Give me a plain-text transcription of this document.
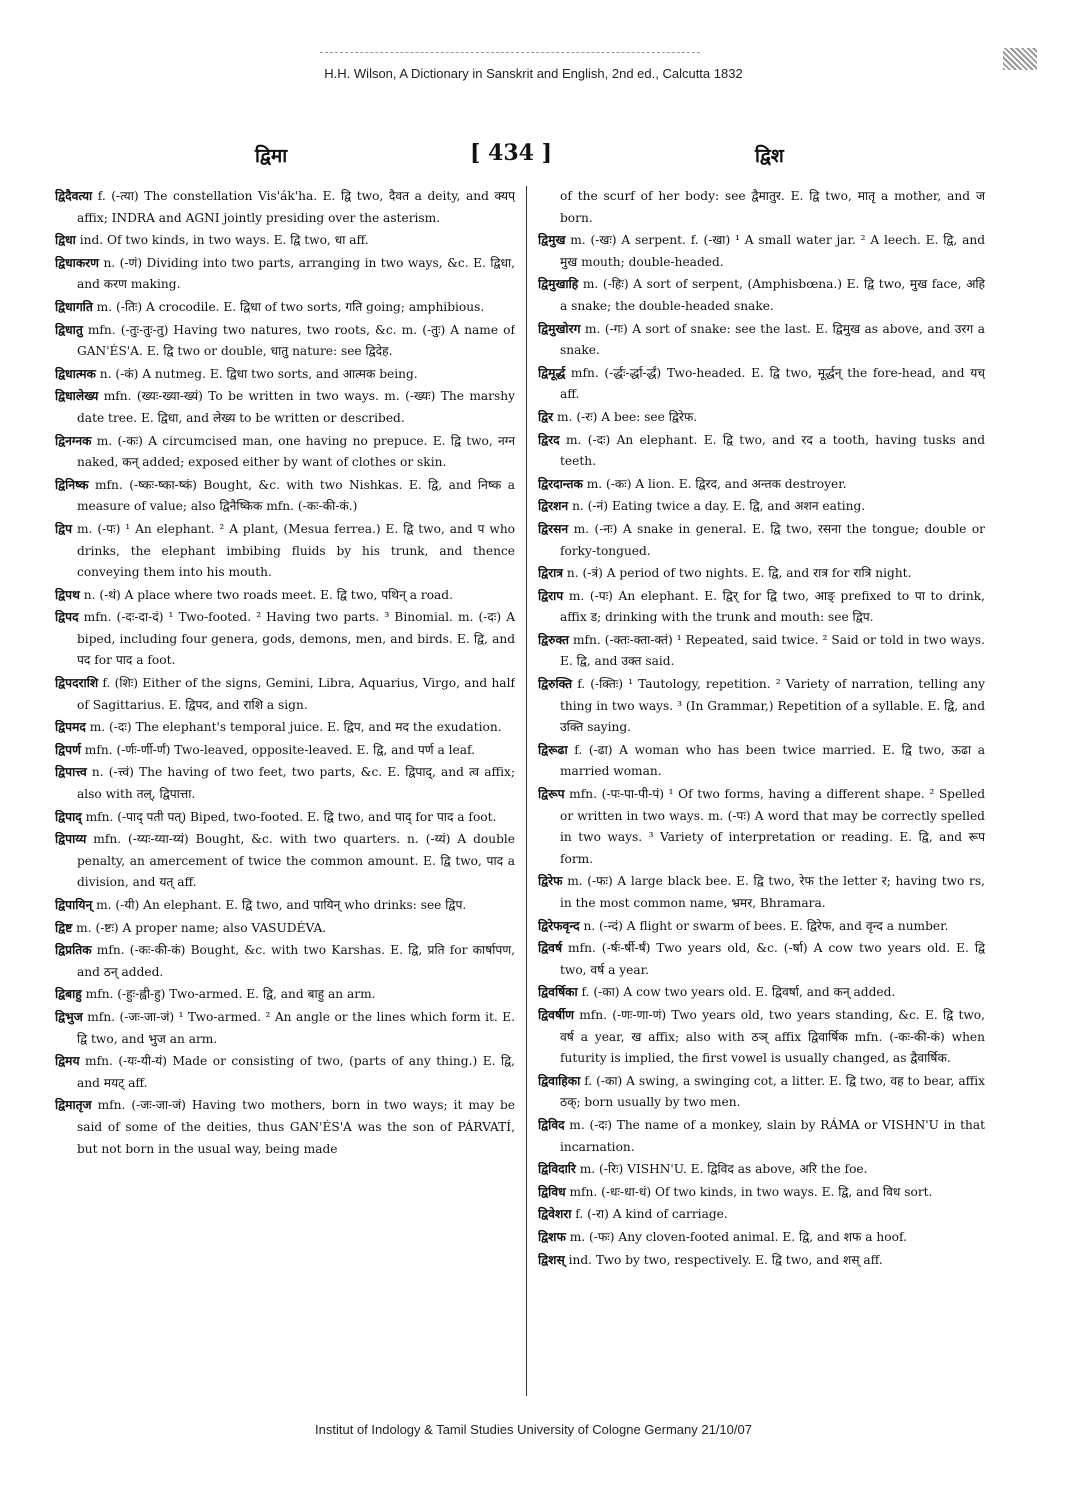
H.H. Wilson, A Dictionary in Sanskrit and English, 2nd ed., Calcutta 1832
द्विमा	[ 434 ]	द्विश

द्विदैवत्या f. (-त्या) The constellation Vis'ák'ha. E. द्वि two, दैवत a deity, and क्यप् affix; INDRA and AGNI jointly presiding over the asterism.

द्विधा ind. Of two kinds, in two ways. E. द्वि two, धा aff.

द्विधाकरण n. (-णं) Dividing into two parts, arranging in two ways, &c. E. द्विधा, and करण making.

द्विधागति m. (-तिः) A crocodile. E. द्विधा of two sorts, गति going; amphibious.

द्विधातु mfn. (-तुः-तुः-तु) Having two natures, two roots, &c. m. (-तुः) A name of GAN'ÉS'A. E. द्वि two or double, धातु nature: see द्विदेह.

द्विधात्मक n. (-कं) A nutmeg. E. द्विधा two sorts, and आत्मक being.

द्विधालेख्य mfn. (ख्यः-ख्या-ख्यं) To be written in two ways. m. (-ख्यः) The marshy date tree. E. द्विधा, and लेख्य to be written or described.

द्विनग्नक m. (-कः) A circumcised man, one having no prepuce. E. द्वि two, नग्न naked, कन् added; exposed either by want of clothes or skin.

द्विनिष्क mfn. (-ष्कः-ष्का-ष्कं) Bought, &c. with two Nishkas. E. द्वि, and निष्क a measure of value; also द्विनैष्किक mfn. (-कः-की-कं.)

द्विप m. (-पः) ¹ An elephant. ² A plant, (Mesua ferrea.) E. द्वि two, and प who drinks, the elephant imbibing fluids by his trunk, and thence conveying them into his mouth.

द्विपथ n. (-थं) A place where two roads meet. E. द्वि two, पथिन् a road.

द्विपद mfn. (-दः-दा-दं) ¹ Two-footed. ² Having two parts. ³ Binomial. m. (-दः) A biped, including four genera, gods, demons, men, and birds. E. द्वि, and पद for पाद a foot.

द्विपदराशि f. (शिः) Either of the signs, Gemini, Libra, Aquarius, Virgo, and half of Sagittarius. E. द्विपद, and राशि a sign.

द्विपमद m. (-दः) The elephant's temporal juice. E. द्विप, and मद the exudation.

द्विपर्ण mfn. (-र्णः-र्णी-र्णं) Two-leaved, opposite-leaved. E. द्वि, and पर्ण a leaf.

द्विपात्त्व n. (-त्त्वं) The having of two feet, two parts, &c. E. द्विपाद्, and त्व affix; also with तल्, द्विपात्ता.

द्विपाद् mfn. (-पाद् पती पत्) Biped, two-footed. E. द्वि two, and पाद् for पाद a foot.

द्विपाय्य mfn. (-य्यः-य्या-य्यं) Bought, &c. with two quarters. n. (-य्यं) A double penalty, an amercement of twice the common amount. E. द्वि two, पाद a division, and यत् aff.

द्विपायिन् m. (-यी) An elephant. E. द्वि two, and पायिन् who drinks: see द्विप.

द्विष्ट m. (-ष्टः) A proper name; also VASUDÉVA.

द्विप्रतिक mfn. (-कः-की-कं) Bought, &c. with two Karshas. E. द्वि, प्रति for कार्षापण, and ठन् added.

द्विबाहु mfn. (-हुः-ह्वी-हु) Two-armed. E. द्वि, and बाहु an arm.

द्विभुज mfn. (-जः-जा-जं) ¹ Two-armed. ² An angle or the lines which form it. E. द्वि two, and भुज an arm.

द्विमय mfn. (-यः-यी-यं) Made or consisting of two, (parts of any thing.) E. द्वि, and मयट् aff.

द्विमातृज mfn. (-जः-जा-जं) Having two mothers, born in two ways; it may be said of some of the deities, thus GAN'ÉS'A was the son of PÁRVATÍ, but not born in the usual way, being made

of the scurf of her body: see द्वैमातुर. E. द्वि two, मातृ a mother, and ज born.

द्विमुख m. (-खः) A serpent. f. (-खा) ¹ A small water jar. ² A leech. E. द्वि, and मुख mouth; double-headed.

द्विमुखाहि m. (-हिः) A sort of serpent, (Amphisbœna.) E. द्वि two, मुख face, अहि a snake; the double-headed snake.

द्विमुखोरग m. (-गः) A sort of snake: see the last. E. द्विमुख as above, and उरग a snake.

द्विमूर्द्ध mfn. (-र्द्धः-र्द्धा-र्द्धं) Two-headed. E. द्वि two, मूर्द्धन् the fore-head, and यच् aff.

द्विर m. (-रः) A bee: see द्विरेफ.

द्विरद m. (-दः) An elephant. E. द्वि two, and रद a tooth, having tusks and teeth.

द्विरदान्तक m. (-कः) A lion. E. द्विरद, and अन्तक destroyer.

द्विरशन n. (-नं) Eating twice a day. E. द्वि, and अशन eating.

द्विरसन m. (-नः) A snake in general. E. द्वि two, रसना the tongue; double or forky-tongued.

द्विरात्र n. (-त्रं) A period of two nights. E. द्वि, and रात्र for रात्रि night.

द्विराप m. (-पः) An elephant. E. द्विर् for द्वि two, आङ् prefixed to पा to drink, affix ड; drinking with the trunk and mouth: see द्विप.

द्विरुक्त mfn. (-क्तः-क्ता-क्तं) ¹ Repeated, said twice. ² Said or told in two ways. E. द्वि, and उक्त said.

द्विरुक्ति f. (-क्तिः) ¹ Tautology, repetition. ² Variety of narration, telling any thing in two ways. ³ (In Grammar,) Repetition of a syllable. E. द्वि, and उक्ति saying.

द्विरूढा f. (-ढा) A woman who has been twice married. E. द्वि two, ऊढा a married woman.

द्विरूप mfn. (-पः-पा-पी-पं) ¹ Of two forms, having a different shape. ² Spelled or written in two ways. m. (-पः) A word that may be correctly spelled in two ways. ³ Variety of interpretation or reading. E. द्वि, and रूप form.

द्विरेफ m. (-फः) A large black bee. E. द्वि two, रेफ the letter र; having two rs, in the most common name, भ्रमर, Bhramara.

द्विरेफवृन्द n. (-न्दं) A flight or swarm of bees. E. द्विरेफ, and वृन्द a number.

द्विवर्ष mfn. (-र्षः-र्षी-र्षं) Two years old, &c. (-र्षा) A cow two years old. E. द्वि two, वर्ष a year.

द्विवर्षिका f. (-का) A cow two years old. E. द्विवर्षा, and कन् added.

द्विवर्षीण mfn. (-णः-णा-णं) Two years old, two years standing, &c. E. द्वि two, वर्ष a year, ख affix; also with ठञ् affix द्विवार्षिक mfn. (-कः-की-कं) when futurity is implied, the first vowel is usually changed, as द्वैवार्षिक.

द्विवाहिका f. (-का) A swing, a swinging cot, a litter. E. द्वि two, वह to bear, affix ठक्; born usually by two men.

द्विविद m. (-दः) The name of a monkey, slain by RÁMA or VISHN'U in that incarnation.

द्विविदारि m. (-रिः) VISHN'U. E. द्विविद as above, अरि the foe.

द्विविध mfn. (-धः-धा-धं) Of two kinds, in two ways. E. द्वि, and विध sort.

द्विवेशरा f. (-रा) A kind of carriage.

द्विशफ m. (-फः) Any cloven-footed animal. E. द्वि, and शफ a hoof.

द्विशस् ind. Two by two, respectively. E. द्वि two, and शस् aff.

Institut of Indology & Tamil Studies University of Cologne Germany 21/10/07
